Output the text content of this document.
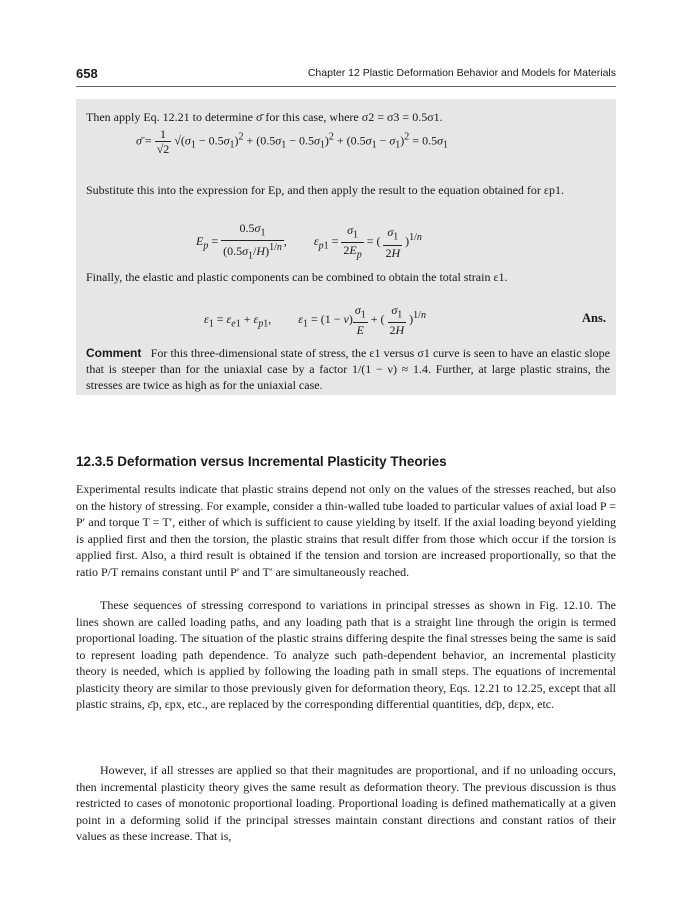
658	Chapter 12 Plastic Deformation Behavior and Models for Materials

Then apply Eq. 12.21 to determine σ̄ for this case, where σ2 = σ3 = 0.5σ1.

σ̄ = $\frac{1}{√2} √(\sigma_1 - 0.5\sigma_1)^2 + (0.5\sigma_1 - 0.5\sigma_1)^2 + (0.5\sigma_1 - \sigma_1)^2 = 0.5\sigma_1$

Substitute this into the expression for Ep, and then apply the result to the equation obtained for εp1.

$E_p = \frac{0.5\sigma_1}{(0.5\sigma_1/H)^{1/n}}$ ,         $\varepsilon_{p1} = \frac{\sigma_1}{2E_p}$ = ( $\frac{\sigma_1}{2H} )^{1/n}$

Finally, the elastic and plastic components can be combined to obtain the total strain ε1.

$\varepsilon_1 = \varepsilon_{e1} + \varepsilon_{p1}$,         $\varepsilon_1 = (1 - \nu) \frac{\sigma_1}{E}$ + ( $\frac{\sigma_1}{2H} )^{1/n}$	Ans.

Comment For this three-dimensional state of stress, the ε1 versus σ1 curve is seen to have an elastic slope that is steeper than for the uniaxial case by a factor 1/(1 − ν) ≈ 1.4. Further, at large plastic strains, the stresses are twice as high as for the uniaxial case.

12.3.5 Deformation versus Incremental Plasticity Theories

Experimental results indicate that plastic strains depend not only on the values of the stresses reached, but also on the history of stressing. For example, consider a thin-walled tube loaded to particular values of axial load P = P′ and torque T = T′, either of which is sufficient to cause yielding by itself. If the axial loading beyond yielding is applied first and then the torsion, the plastic strains that result differ from those which occur if the torsion is applied first. Also, a third result is obtained if the tension and torsion are increased proportionally, so that the ratio P/T remains constant until P′ and T′ are simultaneously reached.

These sequences of stressing correspond to variations in principal stresses as shown in Fig. 12.10. The lines shown are called loading paths, and any loading path that is a straight line through the origin is termed proportional loading. The situation of the plastic strains differing despite the final stresses being the same is said to represent loading path dependence. To analyze such path-dependent behavior, an incremental plasticity theory is needed, which is applied by following the loading path in small steps. The equations of incremental plasticity theory are similar to those previously given for deformation theory, Eqs. 12.21 to 12.25, except that all plastic strains, ε̄p, εpx, etc., are replaced by the corresponding differential quantities, dε̄p, dεpx, etc.

However, if all stresses are applied so that their magnitudes are proportional, and if no unloading occurs, then incremental plasticity theory gives the same result as deformation theory. The previous discussion is thus restricted to cases of monotonic proportional loading. Proportional loading is defined mathematically at a given point in a deforming solid if the principal stresses maintain constant directions and constant ratios of their values as these increase. That is,
